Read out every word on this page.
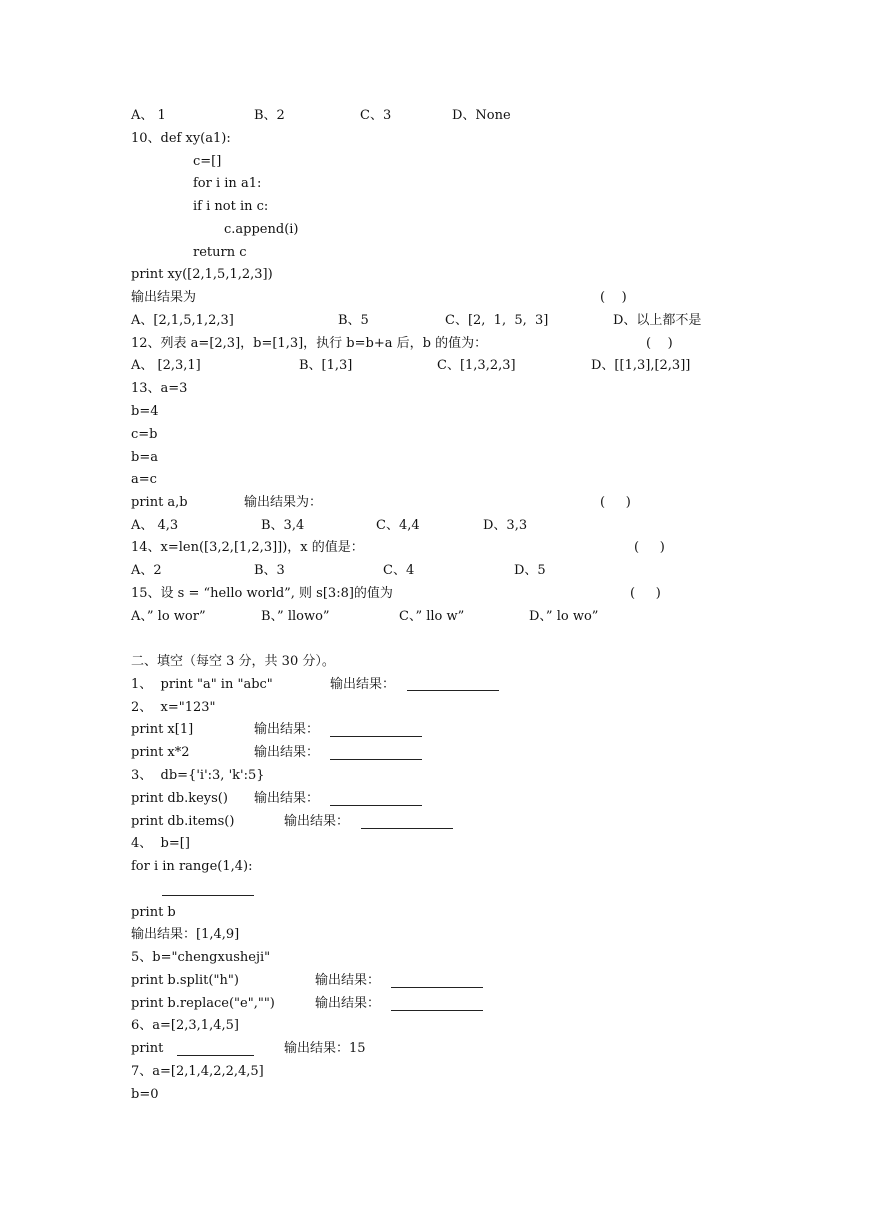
A、 1	B、2	C、3	D、None
10、def xy(a1):
c=[]
for i in a1:
if i not in c:
c.append(i)
return c
print xy([2,1,5,1,2,3])
输出结果为	(    )
A、[2,1,5,1,2,3]	B、5	C、[2,  1,  5,  3]	D、以上都不是
12、列表 a=[2,3]，b=[1,3]，执行 b=b+a 后，b 的值为：	(    )
A、 [2,3,1]	B、[1,3]	C、[1,3,2,3]	D、[[1,3],[2,3]]
13、a=3
b=4
c=b
b=a
a=c
print a,b	输出结果为：	(     )
A、 4,3	B、3,4	C、4,4	D、3,3
14、x=len([3,2,[1,2,3]])，x 的值是：	(     )
A、2	B、3	C、4	D、5
15、设 s = “hello world”, 则 s[3:8]的值为	(     )
A、” lo wor”	B、” llowo”	C、” llo w”	D、” lo wo”
二、填空（每空 3 分，共 30 分）。
1、  print "a" in "abc"	输出结果：
2、  x="123"
print x[1]	输出结果：
print x*2	输出结果：
3、  db={'i':3, 'k':5}
print db.keys() 输出结果：
print db.items()	输出结果：
4、  b=[]
for i in range(1,4):
print b
输出结果：[1,4,9]
5、b="chengxusheji"
print b.split("h")	输出结果：
print b.replace("e","")	输出结果：
6、a=[2,3,1,4,5]
print	输出结果：15
7、a=[2,1,4,2,2,4,5]
b=0
